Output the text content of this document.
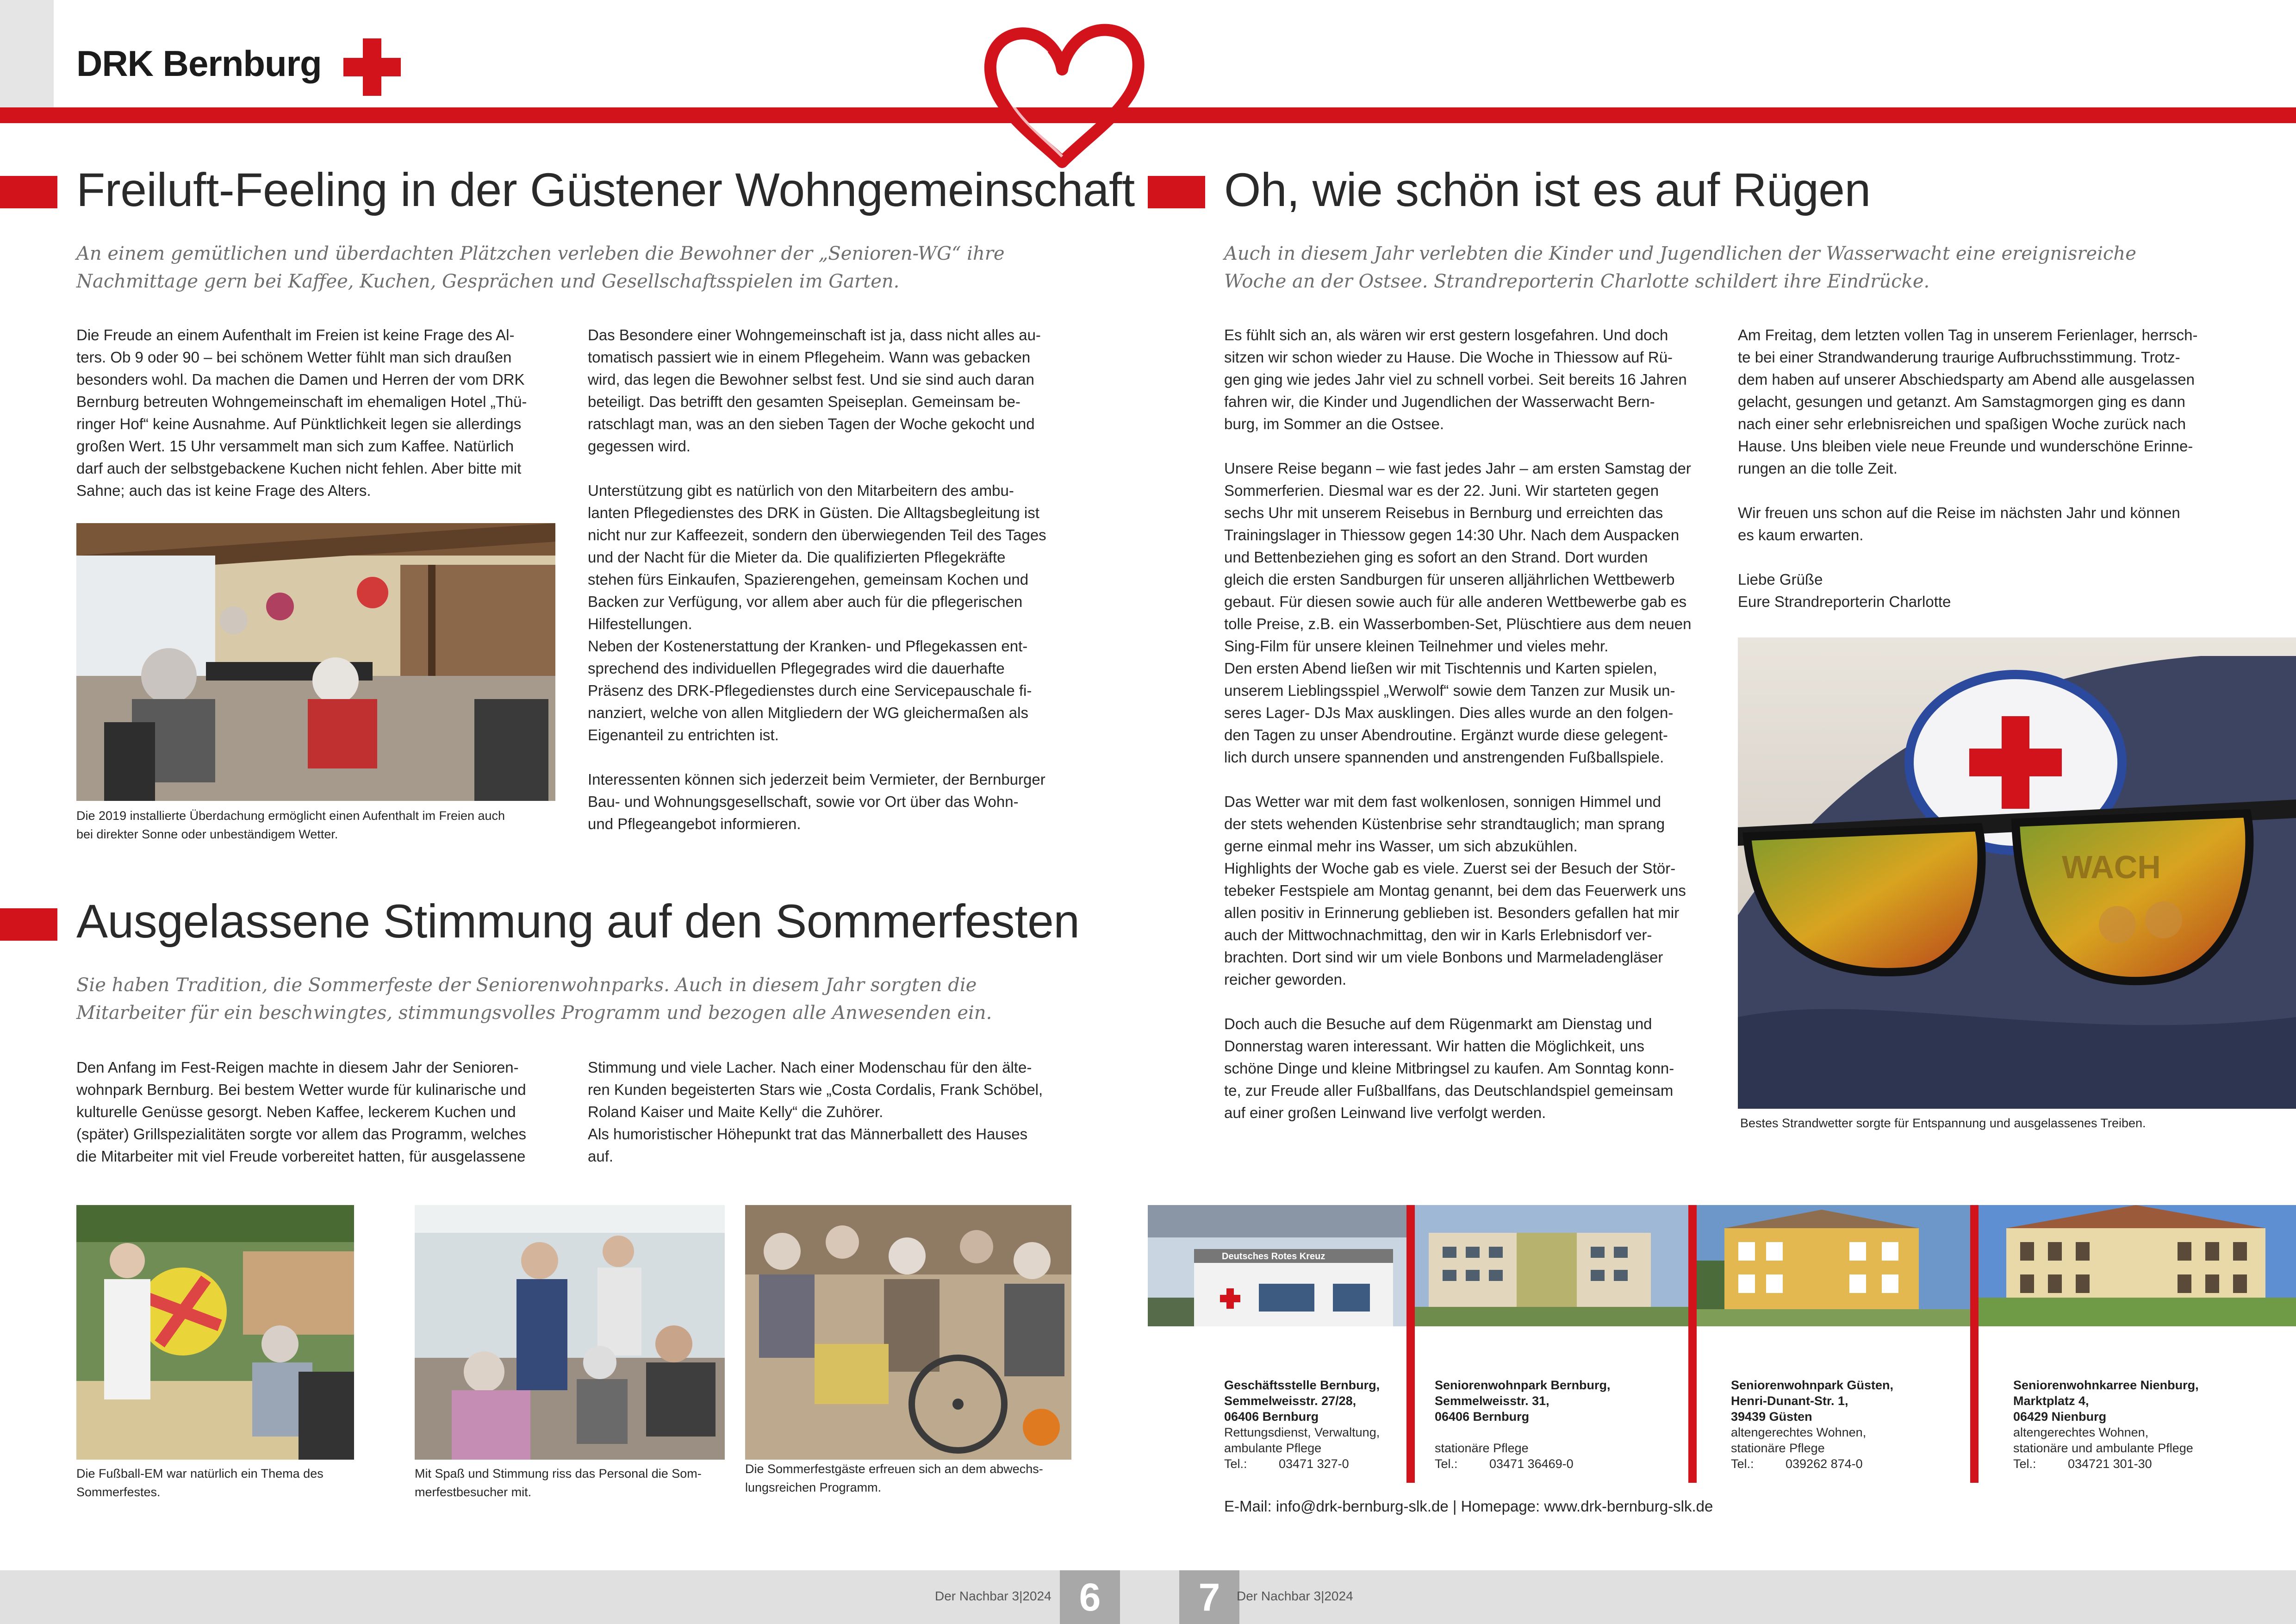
DRK Bernburg
Freiluft-Feeling in der Güstener Wohngemeinschaft
An einem gemütlichen und überdachten Plätzchen verleben die Bewohner der „Senioren-WG“ ihre
Nachmittage gern bei Kaffee, Kuchen, Gesprächen und Gesellschaftsspielen im Garten.

Die Freude an einem Aufenthalt im Freien ist keine Frage des Al-
ters. Ob 9 oder 90 – bei schönem Wetter fühlt man sich draußen
besonders wohl. Da machen die Damen und Herren der vom DRK
Bernburg betreuten Wohngemeinschaft im ehemaligen Hotel „Thü-
ringer Hof“ keine Ausnahme. Auf Pünktlichkeit legen sie allerdings
großen Wert. 15 Uhr versammelt man sich zum Kaffee. Natürlich
darf auch der selbstgebackene Kuchen nicht fehlen. Aber bitte mit
Sahne; auch das ist keine Frage des Alters.

Das Besondere einer Wohngemeinschaft ist ja, dass nicht alles au-
tomatisch passiert wie in einem Pflegeheim. Wann was gebacken
wird, das legen die Bewohner selbst fest. Und sie sind auch daran
beteiligt. Das betrifft den gesamten Speiseplan. Gemeinsam be-
ratschlagt man, was an den sieben Tagen der Woche gekocht und
gegessen wird.

Unterstützung gibt es natürlich von den Mitarbeitern des ambu-
lanten Pflegedienstes des DRK in Güsten. Die Alltagsbegleitung ist
nicht nur zur Kaffeezeit, sondern den überwiegenden Teil des Tages
und der Nacht für die Mieter da. Die qualifizierten Pflegekräfte
stehen fürs Einkaufen, Spazierengehen, gemeinsam Kochen und
Backen zur Verfügung, vor allem aber auch für die pflegerischen
Hilfestellungen.
Neben der Kostenerstattung der Kranken- und Pflegekassen ent-
sprechend des individuellen Pflegegrades wird die dauerhafte
Präsenz des DRK-Pflegedienstes durch eine Servicepauschale fi-
nanziert, welche von allen Mitgliedern der WG gleichermaßen als
Eigenanteil zu entrichten ist.

Interessenten können sich jederzeit beim Vermieter, der Bernburger
Bau- und Wohnungsgesellschaft, sowie vor Ort über das Wohn-
und Pflegeangebot informieren.

Die 2019 installierte Überdachung ermöglicht einen Aufenthalt im Freien auch
bei direkter Sonne oder unbeständigem Wetter.
Ausgelassene Stimmung auf den Sommerfesten
Sie haben Tradition, die Sommerfeste der Seniorenwohnparks. Auch in diesem Jahr sorgten die
Mitarbeiter für ein beschwingtes, stimmungsvolles Programm und bezogen alle Anwesenden ein.

Den Anfang im Fest-Reigen machte in diesem Jahr der Senioren-
wohnpark Bernburg. Bei bestem Wetter wurde für kulinarische und
kulturelle Genüsse gesorgt. Neben Kaffee, leckerem Kuchen und
(später) Grillspezialitäten sorgte vor allem das Programm, welches
die Mitarbeiter mit viel Freude vorbereitet hatten, für ausgelassene

Stimmung und viele Lacher. Nach einer Modenschau für den älte-
ren Kunden begeisterten Stars wie „Costa Cordalis, Frank Schöbel,
Roland Kaiser und Maite Kelly“ die Zuhörer.
Als humoristischer Höhepunkt trat das Männerballett des Hauses
auf.

Die Fußball-EM war natürlich ein Thema des
Sommerfestes.
Mit Spaß und Stimmung riss das Personal die Som-
merfestbesucher mit.
Die Sommerfestgäste erfreuen sich an dem abwechs-
lungsreichen Programm.
Oh, wie schön ist es auf Rügen
Auch in diesem Jahr verlebten die Kinder und Jugendlichen der Wasserwacht eine ereignisreiche
Woche an der Ostsee. Strandreporterin Charlotte schildert ihre Eindrücke.

Es fühlt sich an, als wären wir erst gestern losgefahren. Und doch
sitzen wir schon wieder zu Hause. Die Woche in Thiessow auf Rü-
gen ging wie jedes Jahr viel zu schnell vorbei. Seit bereits 16 Jahren
fahren wir, die Kinder und Jugendlichen der Wasserwacht Bern-
burg, im Sommer an die Ostsee.

Unsere Reise begann – wie fast jedes Jahr – am ersten Samstag der
Sommerferien. Diesmal war es der 22. Juni. Wir starteten gegen
sechs Uhr mit unserem Reisebus in Bernburg und erreichten das
Trainingslager in Thiessow gegen 14:30 Uhr. Nach dem Auspacken
und Bettenbeziehen ging es sofort an den Strand. Dort wurden
gleich die ersten Sandburgen für unseren alljährlichen Wettbewerb
gebaut. Für diesen sowie auch für alle anderen Wettbewerbe gab es
tolle Preise, z.B. ein Wasserbomben-Set, Plüschtiere aus dem neuen
Sing-Film für unsere kleinen Teilnehmer und vieles mehr.
Den ersten Abend ließen wir mit Tischtennis und Karten spielen,
unserem Lieblingsspiel „Werwolf“ sowie dem Tanzen zur Musik un-
seres Lager- DJs Max ausklingen. Dies alles wurde an den folgen-
den Tagen zu unser Abendroutine. Ergänzt wurde diese gelegent-
lich durch unsere spannenden und anstrengenden Fußballspiele.

Das Wetter war mit dem fast wolkenlosen, sonnigen Himmel und
der stets wehenden Küstenbrise sehr strandtauglich; man sprang
gerne einmal mehr ins Wasser, um sich abzukühlen.
Highlights der Woche gab es viele. Zuerst sei der Besuch der Stör-
tebeker Festspiele am Montag genannt, bei dem das Feuerwerk uns
allen positiv in Erinnerung geblieben ist. Besonders gefallen hat mir
auch der Mittwochnachmittag, den wir in Karls Erlebnisdorf ver-
brachten. Dort sind wir um viele Bonbons und Marmeladengläser
reicher geworden.

Doch auch die Besuche auf dem Rügenmarkt am Dienstag und
Donnerstag waren interessant. Wir hatten die Möglichkeit, uns
schöne Dinge und kleine Mitbringsel zu kaufen. Am Sonntag konn-
te, zur Freude aller Fußballfans, das Deutschlandspiel gemeinsam
auf einer großen Leinwand live verfolgt werden.

Am Freitag, dem letzten vollen Tag in unserem Ferienlager, herrsch-
te bei einer Strandwanderung traurige Aufbruchsstimmung. Trotz-
dem haben auf unserer Abschiedsparty am Abend alle ausgelassen
gelacht, gesungen und getanzt. Am Samstagmorgen ging es dann
nach einer sehr erlebnisreichen und spaßigen Woche zurück nach
Hause. Uns bleiben viele neue Freunde und wunderschöne Erinne-
rungen an die tolle Zeit.

Wir freuen uns schon auf die Reise im nächsten Jahr und können
es kaum erwarten.

Liebe Grüße
Eure Strandreporterin Charlotte

WACH
Bestes Strandwetter sorgte für Entspannung und ausgelassenes Treiben.
Deutsches Rotes Kreuz
Geschäftsstelle Bernburg,
Semmelweisstr. 27/28,
06406 Bernburg
Rettungsdienst, Verwaltung,
ambulante Pflege
Tel.:	03471 327-0
Seniorenwohnpark Bernburg,
Semmelweisstr. 31,
06406 Bernburg

stationäre Pflege
Tel.:	03471 36469-0
Seniorenwohnpark Güsten,
Henri-Dunant-Str. 1,
39439 Güsten
altengerechtes Wohnen,
stationäre Pflege
Tel.:	039262 874-0
Seniorenwohnkarree Nienburg,
Marktplatz 4,
06429 Nienburg
altengerechtes Wohnen,
stationäre und ambulante Pflege
Tel.:	034721 301-30
E-Mail: info@drk-bernburg-slk.de | Homepage: www.drk-bernburg-slk.de
Der Nachbar 3|2024 6	7	Der Nachbar 3|2024
